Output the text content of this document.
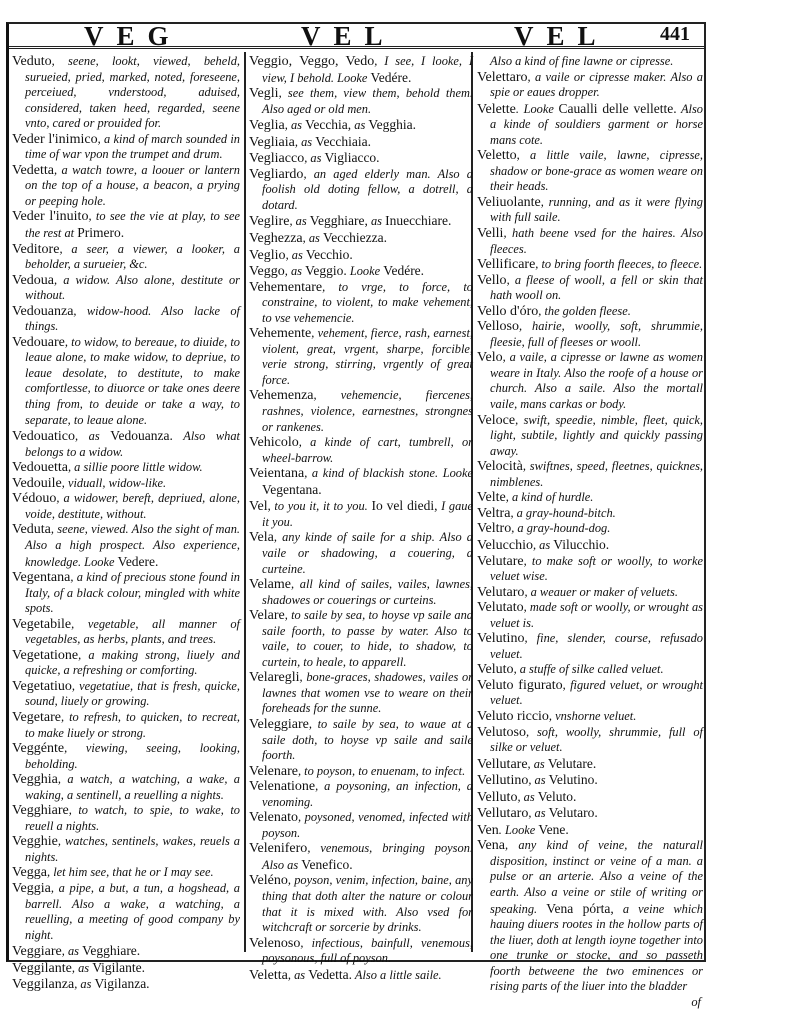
VEG	VEL	VEL	441

Veduto, seene, lookt, viewed, beheld, surueied, pried, marked, noted, foreseene, perceiued, vnderstood, aduised, considered, taken heed, regarded, seene vnto, cared or prouided for.

Veder l'inimico, a kind of march sounded in time of war vpon the trumpet and drum.

Vedetta, a watch towre, a loouer or lantern on the top of a house, a beacon, a prying or peeping hole.

Veder l'inuito, to see the vie at play, to see the rest at Primero.

Veditore, a seer, a viewer, a looker, a beholder, a surueier, &c.

Vedoua, a widow. Also alone, destitute or without.

Vedouanza, widow-hood. Also lacke of things.

Vedouare, to widow, to bereaue, to diuide, to leaue alone, to make widow, to depriue, to leaue desolate, to destitute, to make comfortlesse, to diuorce or take ones deere thing from, to deuide or take a way, to separate, to leaue alone.

Vedouatico, as Vedouanza. Also what belongs to a widow.

Vedouetta, a sillie poore little widow.

Vedouile, viduall, widow-like.

Védouo, a widower, bereft, depriued, alone, voide, destitute, without.

Veduta, seene, viewed. Also the sight of man. Also a high prospect. Also experience, knowledge. Looke Vedere.

Vegentana, a kind of precious stone found in Italy, of a black colour, mingled with white spots.

Vegetabile, vegetable, all manner of vegetables, as herbs, plants, and trees.

Vegetatione, a making strong, liuely and quicke, a refreshing or comforting.

Vegetatiuo, vegetatiue, that is fresh, quicke, sound, liuely or growing.

Vegetare, to refresh, to quicken, to recreat, to make liuely or strong.

Veggénte, viewing, seeing, looking, beholding.

Vegghia, a watch, a watching, a wake, a waking, a sentinell, a reuelling a nights.

Vegghiare, to watch, to spie, to wake, to reuell a nights.

Vegghie, watches, sentinels, wakes, reuels a nights.

Vegga, let him see, that he or I may see.

Veggia, a pipe, a but, a tun, a hogshead, a barrell. Also a wake, a watching, a reuelling, a meeting of good company by night.

Veggiare, as Vegghiare.

Veggilante, as Vigilante.

Veggilanza, as Vigilanza.

Veggio, Veggo, Vedo, I see, I looke, I view, I behold. Looke Vedére.

Vegli, see them, view them, behold them. Also aged or old men.

Veglia, as Vecchia, as Vegghia.

Vegliaia, as Vecchiaia.

Vegliacco, as Vigliacco.

Vegliardo, an aged elderly man. Also a foolish old doting fellow, a dotrell, a dotard.

Veglire, as Vegghiare, as Inuecchiare.

Veghezza, as Vecchiezza.

Veglio, as Vecchio.

Veggo, as Veggio. Looke Vedére.

Vehementare, to vrge, to force, to constraine, to violent, to make vehement, to vse vehemencie.

Vehemente, vehement, fierce, rash, earnest, violent, great, vrgent, sharpe, forcible, verie strong, stirring, vrgently of great force.

Vehemenza, vehemencie, fiercenes, rashnes, violence, earnestnes, strongnes or rankenes.

Vehicolo, a kinde of cart, tumbrell, or wheel-barrow.

Veientana, a kind of blackish stone. Looke Vegentana.

Vel, to you it, it to you. Io vel diedi, I gaue it you.

Vela, any kinde of saile for a ship. Also a vaile or shadowing, a couering, a curteine.

Velame, all kind of sailes, vailes, lawnes, shadowes or couerings or curteins.

Velare, to saile by sea, to hoyse vp saile and saile foorth, to passe by water. Also to vaile, to couer, to hide, to shadow, to curtein, to heale, to apparell.

Velaregli, bone-graces, shadowes, vailes or lawnes that women vse to weare on their foreheads for the sunne.

Veleggiare, to saile by sea, to waue at a saile doth, to hoyse vp saile and saile foorth.

Velenare, to poyson, to enuenam, to infect.

Velenatione, a poysoning, an infection, a venoming.

Velenato, poysoned, venomed, infected with poyson.

Velenifero, venemous, bringing poyson. Also as Venefico.

Veléno, poyson, venim, infection, baine, any thing that doth alter the nature or colour that it is mixed with. Also vsed for witchcraft or sorcerie by drinks.

Velenoso, infectious, bainfull, venemous, poysonous, full of poyson.

Veletta, as Vedetta. Also a little saile.

Also a kind of fine lawne or cipresse.

Velettaro, a vaile or cipresse maker. Also a spie or eaues dropper.

Velette. Looke Caualli delle vellette. Also a kinde of souldiers garment or horse mans cote.

Veletto, a little vaile, lawne, cipresse, shadow or bone-grace as women weare on their heads.

Veliuolante, running, and as it were flying with full saile.

Velli, hath beene vsed for the haires. Also fleeces.

Vellificare, to bring foorth fleeces, to fleece.

Vello, a fleese of wooll, a fell or skin that hath wooll on.

Vello d'óro, the golden fleese.

Velloso, hairie, woolly, soft, shrummie, fleesie, full of fleeses or wooll.

Velo, a vaile, a cipresse or lawne as women weare in Italy. Also the roofe of a house or church. Also a saile. Also the mortall vaile, mans carkas or body.

Veloce, swift, speedie, nimble, fleet, quick, light, subtile, lightly and quickly passing away.

Velocità, swiftnes, speed, fleetnes, quicknes, nimblenes.

Velte, a kind of hurdle.

Veltra, a gray-hound-bitch.

Veltro, a gray-hound-dog.

Velucchio, as Vilucchio.

Velutare, to make soft or woolly, to worke veluet wise.

Velutaro, a weauer or maker of veluets.

Velutato, made soft or woolly, or wrought as veluet is.

Velutino, fine, slender, course, refusado veluet.

Veluto, a stuffe of silke called veluet.

Veluto figurato, figured veluet, or wrought veluet.

Veluto riccio, vnshorne veluet.

Velutoso, soft, woolly, shrummie, full of silke or veluet.

Vellutare, as Velutare.

Vellutino, as Velutino.

Velluto, as Veluto.

Vellutaro, as Velutaro.

Ven. Looke Vene.

Vena, any kind of veine, the naturall disposition, instinct or veine of a man. a pulse or an arterie. Also a veine of the earth. Also a veine or stile of writing or speaking. Vena pórta, a veine which hauing diuers rootes in the hollow parts of the liuer, doth at length ioyne together into one trunke or stocke, and so passeth foorth betweene the two eminences or rising parts of the liuer into the bladder

of
